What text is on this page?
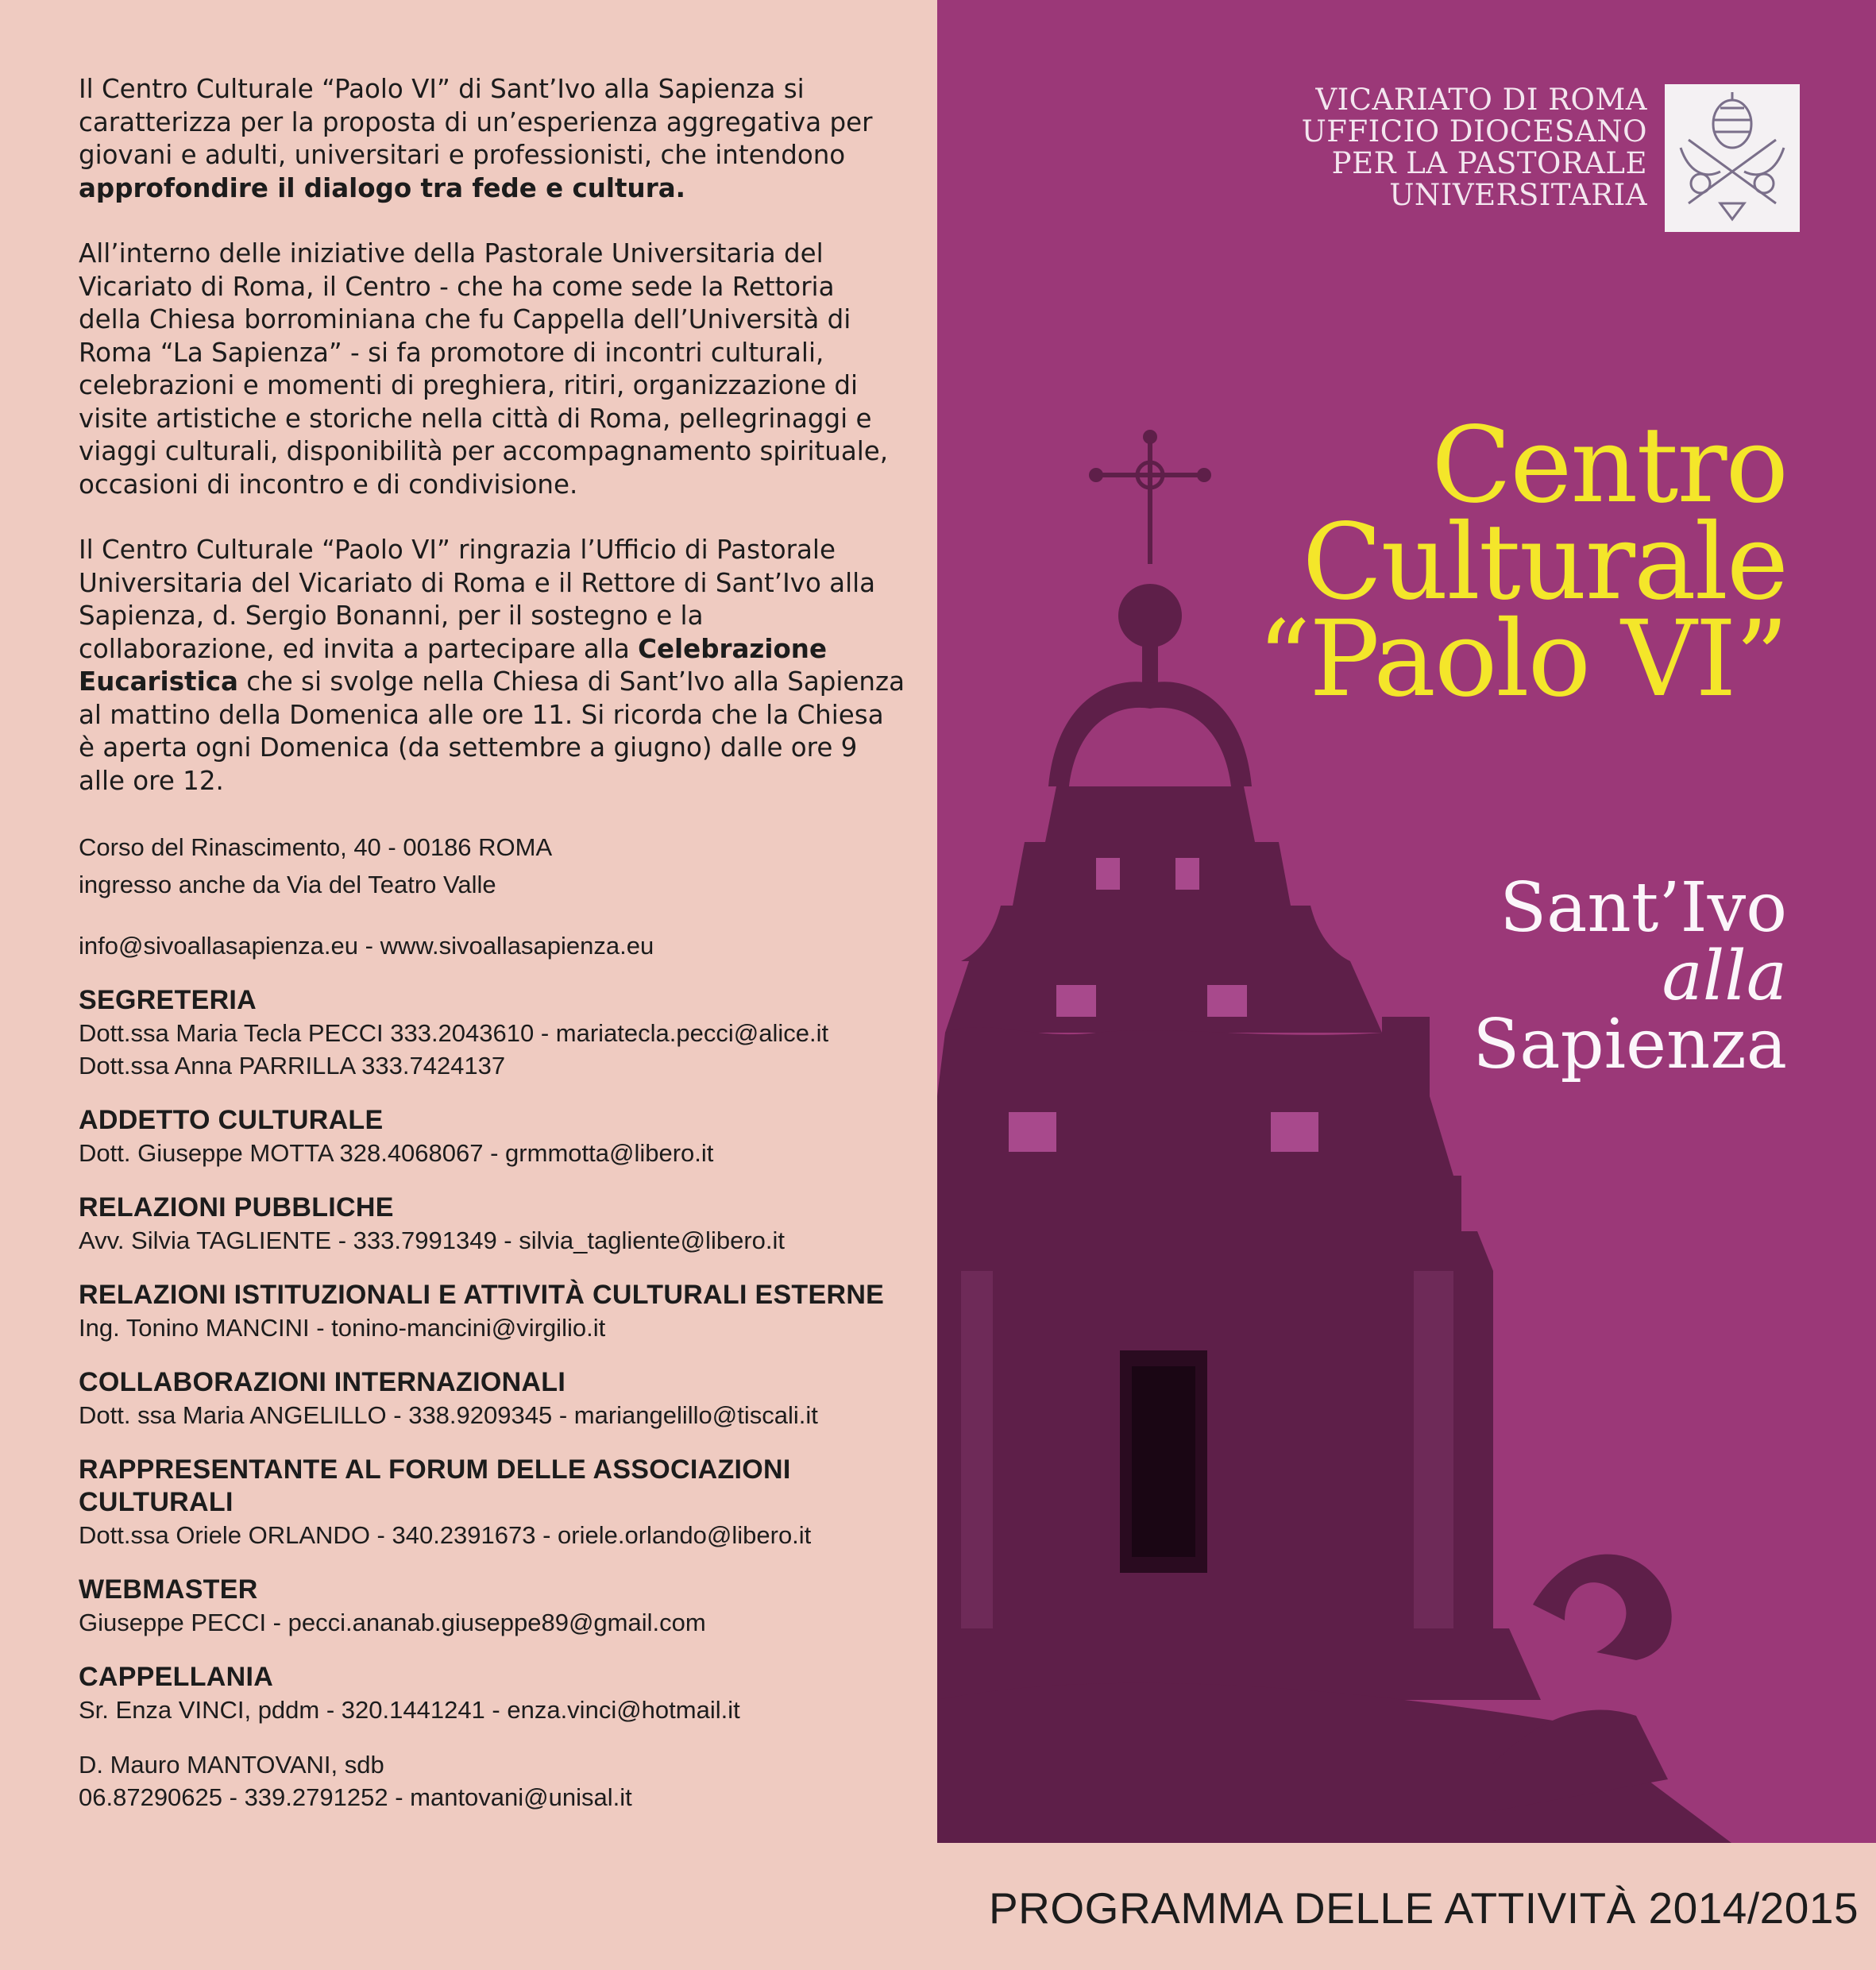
Il Centro Culturale “Paolo VI” di Sant’Ivo alla Sapienza si caratterizza per la proposta di un’esperienza aggregativa per giovani e adulti, universitari e professionisti, che intendono approfondire il dialogo tra fede e cultura.

All’interno delle iniziative della Pastorale Universitaria del Vicariato di Roma, il Centro - che ha come sede la Rettoria della Chiesa borrominiana che fu Cappella dell’Università di Roma “La Sapienza” - si fa promotore di incontri culturali, celebrazioni e momenti di preghiera, ritiri, organizzazione di visite artistiche e storiche nella città di Roma, pellegrinaggi e viaggi culturali, disponibilità per accompagnamento spirituale, occasioni di incontro e di condivisione.

Il Centro Culturale “Paolo VI” ringrazia l’Ufficio di Pastorale Universitaria del Vicariato di Roma e il Rettore di Sant’Ivo alla Sapienza, d. Sergio Bonanni, per il sostegno e la collaborazione, ed invita a partecipare alla Celebrazione Eucaristica che si svolge nella Chiesa di Sant’Ivo alla Sapienza al mattino della Domenica alle ore 11. Si ricorda che la Chiesa è aperta ogni Domenica (da settembre a giugno) dalle ore 9 alle ore 12.

Corso del Rinascimento, 40 - 00186 ROMA
ingresso anche da Via del Teatro Valle
info@sivoallasapienza.eu - www.sivoallasapienza.eu
SEGRETERIA
Dott.ssa Maria Tecla PECCI 333.2043610 - mariatecla.pecci@alice.it
Dott.ssa Anna PARRILLA 333.7424137
ADDETTO CULTURALE
Dott. Giuseppe MOTTA 328.4068067 - grmmotta@libero.it
RELAZIONI PUBBLICHE
Avv. Silvia TAGLIENTE - 333.7991349 - silvia_tagliente@libero.it
RELAZIONI ISTITUZIONALI E ATTIVITÀ CULTURALI ESTERNE
Ing. Tonino MANCINI - tonino-mancini@virgilio.it
COLLABORAZIONI INTERNAZIONALI
Dott. ssa Maria ANGELILLO - 338.9209345 - mariangelillo@tiscali.it
RAPPRESENTANTE AL FORUM DELLE ASSOCIAZIONI CULTURALI
Dott.ssa Oriele ORLANDO - 340.2391673 - oriele.orlando@libero.it
WEBMASTER
Giuseppe PECCI - pecci.ananab.giuseppe89@gmail.com
CAPPELLANIA
Sr. Enza VINCI, pddm - 320.1441241 - enza.vinci@hotmail.it
D. Mauro MANTOVANI, sdb
06.87290625 - 339.2791252 - mantovani@unisal.it
VICARIATO DI ROMA
UFFICIO DIOCESANO
PER LA PASTORALE
UNIVERSITARIA
Centro
Culturale
“Paolo VI”
Sant’Ivo
alla
Sapienza
PROGRAMMA DELLE ATTIVITÀ 2014/2015
